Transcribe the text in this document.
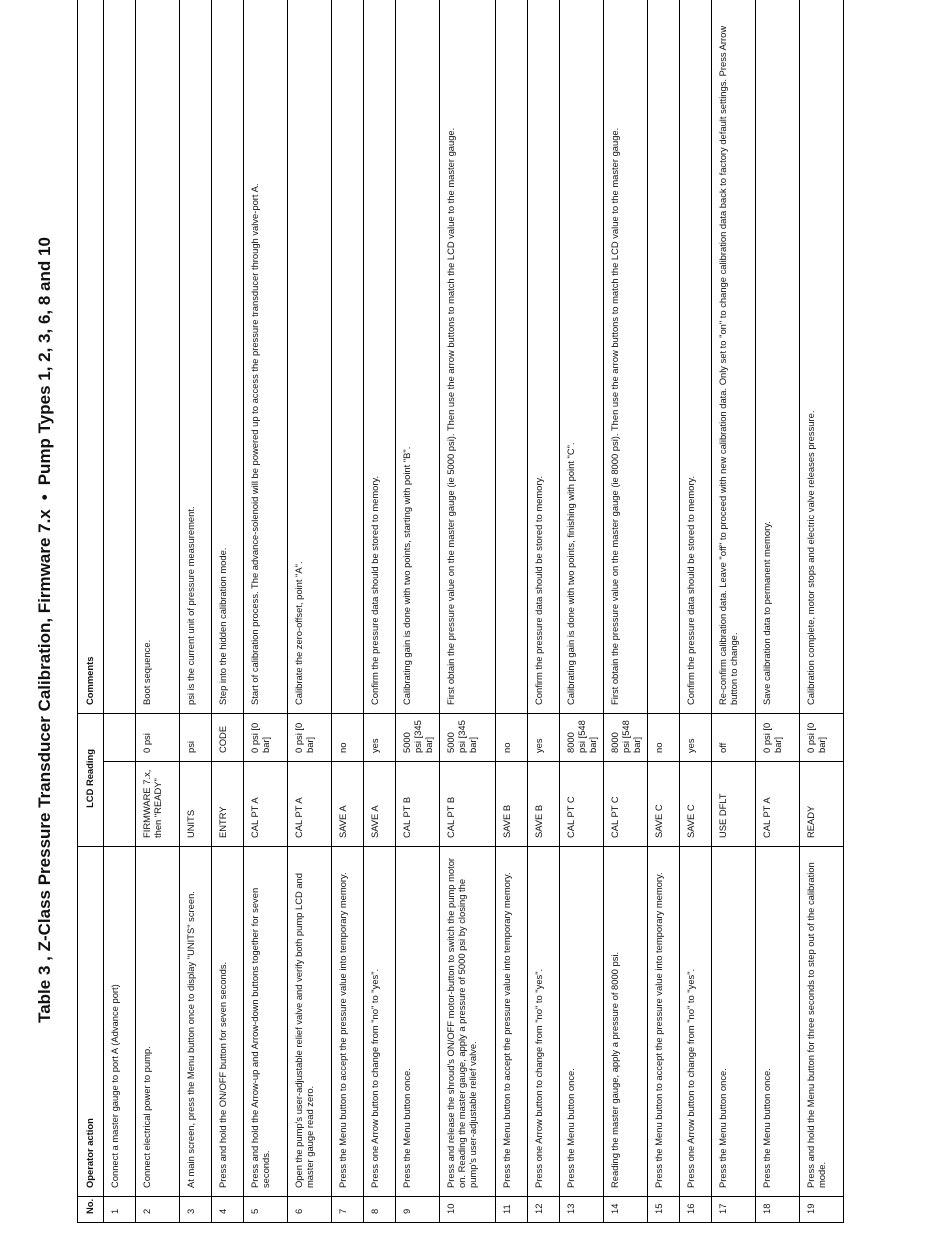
Table 3 , Z-Class Pressure Transducer Calibration, Firmware 7.x•Pump Types 1, 2, 3, 6, 8 and 10
No.	Operator action	LCD Reading		Comments
1	Connect a master gauge to port A (Advance port)			
2	Connect electrical power to pump.	FIRMWARE 7.x, then "READY"	0 psi	Boot sequence.
3	At main screen, press the Menu button once to display "UNITS" screen.	UNITS	psi	psi is the current unit of pressure measurement.
4	Press and hold the ON/OFF button for seven seconds.	ENTRY	CODE	Step into the hidden calibration mode.
5	Press and hold the Arrow-up and Arrow-down buttons together for seven seconds.	CAL PT A	0 psi [0 bar]	Start of calibration process. The advance-solenoid will be powered up to access the pressure transducer through valve-port A.
6	Open the pump's user-adjustable relief valve and verify both pump LCD and master gauge read zero.	CAL PT A	0 psi [0 bar]	Calibrate the zero-offset, point "A".
7	Press the Menu button to accept the pressure value into temporary memory.	SAVE A	no	
8	Press one Arrow button to change from "no" to "yes".	SAVE A	yes	Confirm the pressure data should be stored to memory.
9	Press the Menu button once.	CAL PT B	5000 psi [345 bar]	Calibrating gain is done with two points, starting with point "B".
10	Press and release the shroud's ON/OFF motor-button to switch the pump motor on. Reading the master gauge, apply a pressure of 5000 psi by closing the pump's user-adjustable relief valve.	CAL PT B	5000 psi [345 bar]	First obtain the pressure value on the master gauge (ie 5000 psi). Then use the arrow buttons to match the LCD value to the master gauge.
11	Press the Menu button to accept the pressure value into temporary memory.	SAVE B	no	
12	Press one Arrow button to change from "no" to "yes".	SAVE B	yes	Confirm the pressure data should be stored to memory.
13	Press the Menu button once.	CAL PT C	8000 psi [548 bar]	Calibrating gain is done with two points, finishing with point "C".
14	Reading the master gauge, apply a pressure of 8000 psi.	CAL PT C	8000 psi [548 bar]	First obtain the pressure value on the master gauge (ie 8000 psi). Then use the arrow buttons to match the LCD value to the master gauge.
15	Press the Menu button to accept the pressure value into temporary memory.	SAVE C	no	
16	Press one Arrow button to change from "no" to "yes".	SAVE C	yes	Confirm the pressure data should be stored to memory.
17	Press the Menu button once.	USE DFLT	off	Re-confirm calibration data. Leave "off" to proceed with new calibration data. Only set to "on" to change calibration data back to factory default settings. Press Arrow button to change.
18	Press the Menu button once.	CAL PT A	0 psi [0 bar]	Save calibration data to permanent memory.
19	Press and hold the Menu button for three seconds to step out of the calibration mode.	READY	0 psi [0 bar]	Calibration complete, motor stops and electric valve releases pressure.
